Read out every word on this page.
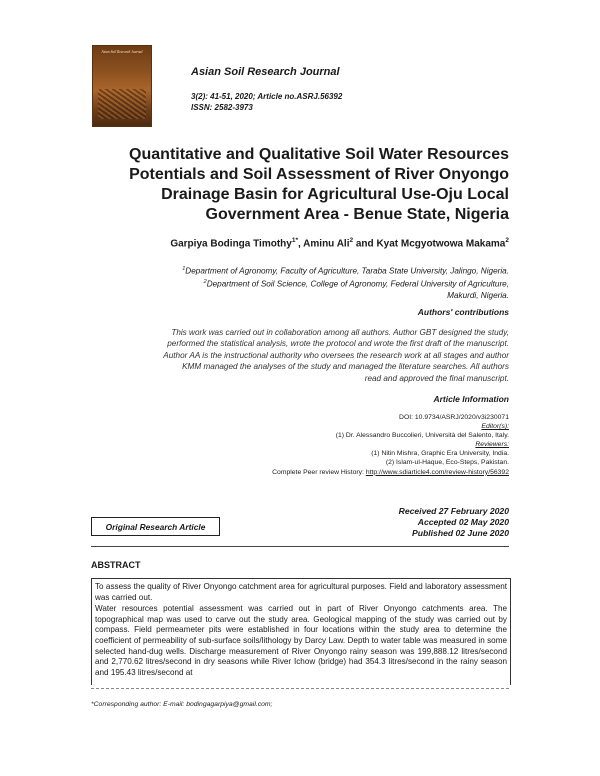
Asian Soil Research Journal
Asian Soil Research Journal
3(2): 41-51, 2020; Article no.ASRJ.56392
ISSN: 2582-3973
Quantitative and Qualitative Soil Water Resources
Potentials and Soil Assessment of River Onyongo
Drainage Basin for Agricultural Use-Oju Local
Government Area - Benue State, Nigeria
Garpiya Bodinga Timothy$^{1*}$, Aminu Ali$^2$ and Kyat Mcgyotwowa Makama$^2$
$^1$Department of Agronomy, Faculty of Agriculture, Taraba State University, Jalingo, Nigeria.
$^2$Department of Soil Science, College of Agronomy, Federal University of Agriculture,
Makurdi, Nigeria.
Authors' contributions
This work was carried out in collaboration among all authors. Author GBT designed the study,
performed the statistical analysis, wrote the protocol and wrote the first draft of the manuscript.
Author AA is the instructional authority who oversees the research work at all stages and author
KMM managed the analyses of the study and managed the literature searches. All authors
read and approved the final manuscript.
Article Information
DOI: 10.9734/ASRJ/2020/v3i230071
Editor(s):
(1) Dr. Alessandro Buccolieri, Università del Salento, Italy.
Reviewers:
(1) Nitin Mishra, Graphic Era University, India.
(2) Islam-ul-Haque, Eco-Steps, Pakistan.
Complete Peer review History: http://www.sdiarticle4.com/review-history/56392
Original Research Article
Received 27 February 2020
Accepted 02 May 2020
Published 02 June 2020
ABSTRACT

To assess the quality of River Onyongo catchment area for agricultural purposes. Field and laboratory assessment was carried out.

Water resources potential assessment was carried out in part of River Onyongo catchments area. The topographical map was used to carve out the study area. Geological mapping of the study was carried out by compass. Field permeameter pits were established in four locations within the study area to determine the coefficient of permeability of sub-surface soils/lithology by Darcy Law. Depth to water table was measured in some selected hand-dug wells. Discharge measurement of River Onyongo rainy season was 199,888.12 litres/second and 2,770.62 litres/second in dry seasons while River Ichow (bridge) had 354.3 litres/second in the rainy season and 195.43 litres/second at

*Corresponding author: E-mail: bodingagarpiya@gmail.com;
